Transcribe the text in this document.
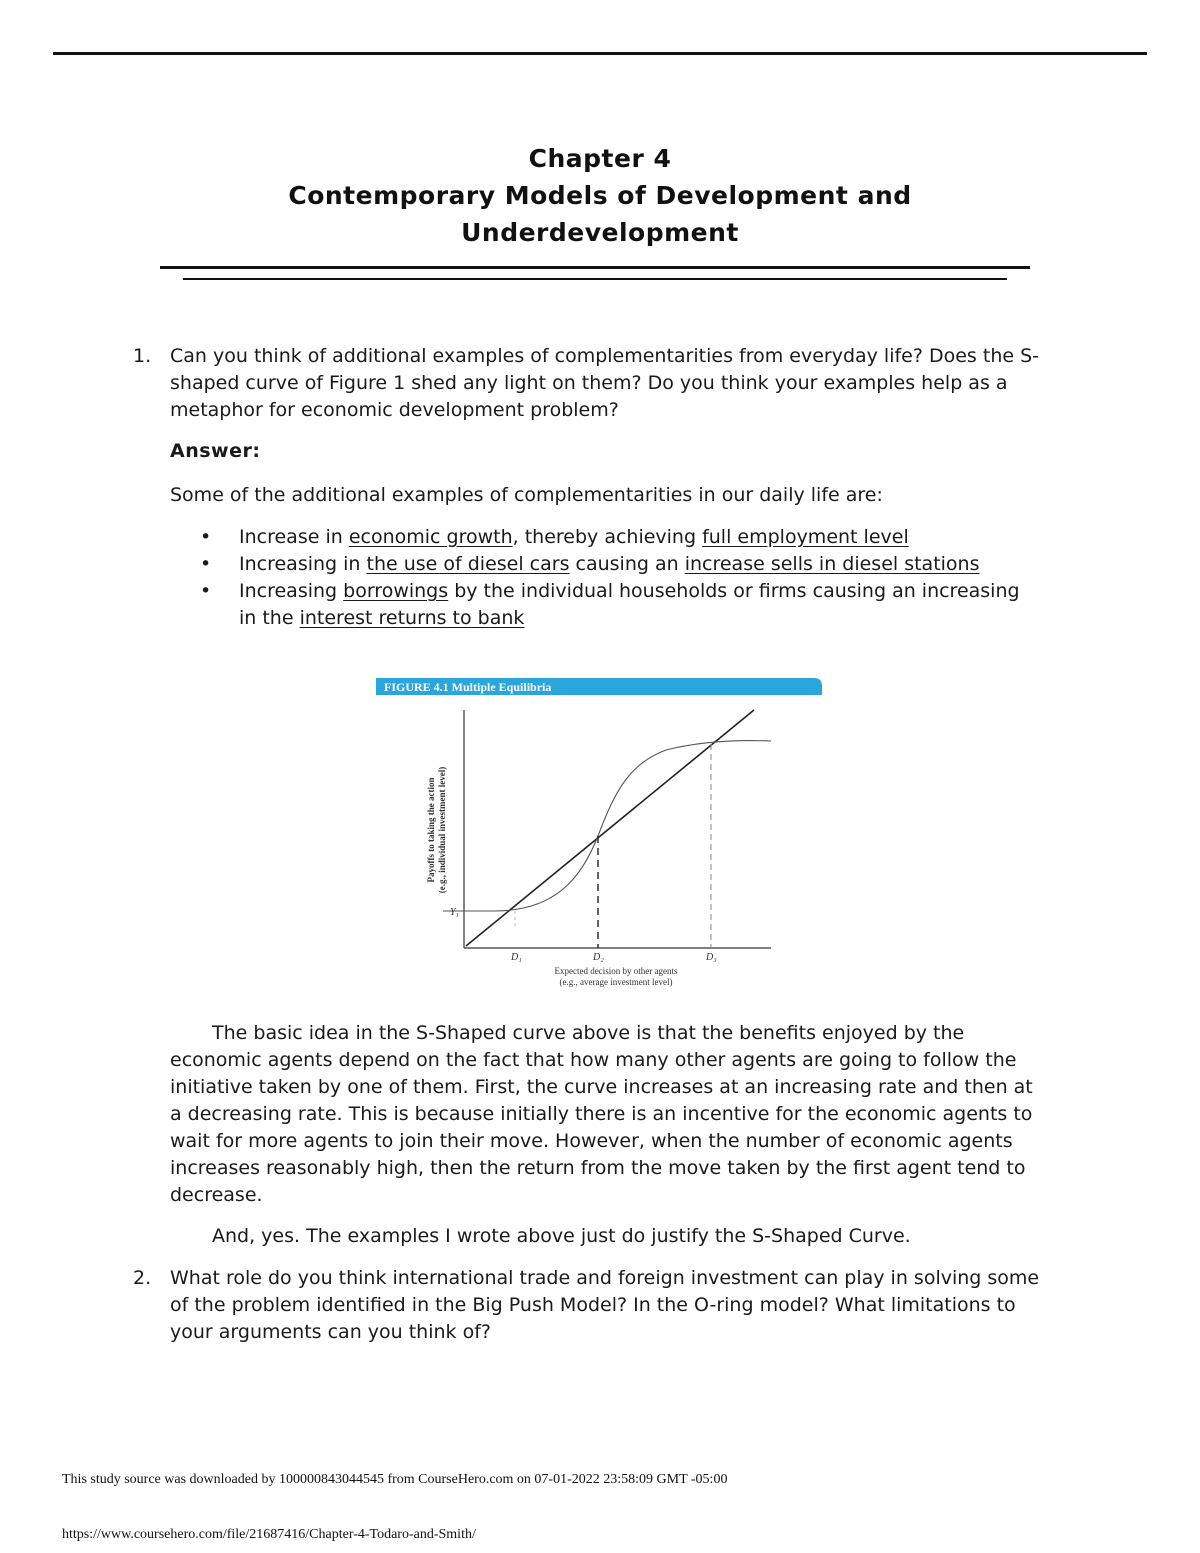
Chapter 4
Contemporary Models of Development and
Underdevelopment
1. Can you think of additional examples of complementarities from everyday life? Does the S-shaped curve of Figure 1 shed any light on them? Do you think your examples help as a metaphor for economic development problem?
Answer:
Some of the additional examples of complementarities in our daily life are:
• Increase in economic growth, thereby achieving full employment level
• Increasing in the use of diesel cars causing an increase sells in diesel stations
• Increasing borrowings by the individual households or firms causing an increasing in the interest returns to bank
FIGURE 4.1 Multiple Equilibria
Y₁
D₁	D₂	D₃
Expected decision by other agents
(e.g., average investment level)
Payoffs to taking the action (e.g., individual investment level)
The basic idea in the S-Shaped curve above is that the benefits enjoyed by the economic agents depend on the fact that how many other agents are going to follow the initiative taken by one of them. First, the curve increases at an increasing rate and then at a decreasing rate. This is because initially there is an incentive for the economic agents to wait for more agents to join their move. However, when the number of economic agents increases reasonably high, then the return from the move taken by the first agent tend to decrease.
And, yes. The examples I wrote above just do justify the S-Shaped Curve.
2. What role do you think international trade and foreign investment can play in solving some of the problem identified in the Big Push Model? In the O-ring model? What limitations to your arguments can you think of?
This study source was downloaded by 100000843044545 from CourseHero.com on 07-01-2022 23:58:09 GMT -05:00
https://www.coursehero.com/file/21687416/Chapter-4-Todaro-and-Smith/
